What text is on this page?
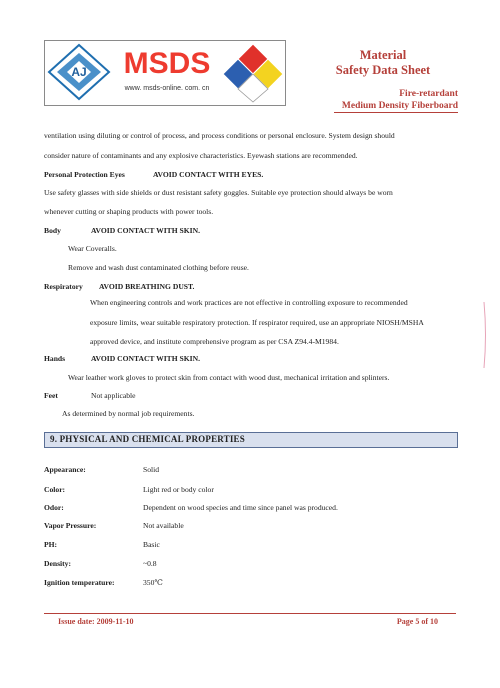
AJ MSDS
www. msds-online. com. cn
Material
Safety Data Sheet
Fire-retardant
Medium Density Fiberboard
ventilation using diluting or control of process, and process conditions or personal enclosure. System design should
consider nature of contaminants and any explosive characteristics. Eyewash stations are recommended.
Personal Protection Eyes	AVOID CONTACT WITH EYES.
Use safety glasses with side shields or dust resistant safety goggles. Suitable eye protection should always be worn
whenever cutting or shaping products with power tools.
Body	AVOID CONTACT WITH SKIN.
Wear Coveralls.
Remove and wash dust contaminated clothing before reuse.
Respiratory AVOID BREATHING DUST.
When engineering controls and work practices are not effective in controlling exposure to recommended
exposure limits, wear suitable respiratory protection. If respirator required, use an appropriate NIOSH/MSHA
approved device, and institute comprehensive program as per CSA Z94.4-M1984.
Hands	AVOID CONTACT WITH SKIN.
Wear leather work gloves to protect skin from contact with wood dust, mechanical irritation and splinters.
Feet	Not applicable
As determined by normal job requirements.
9. PHYSICAL AND CHEMICAL PROPERTIES
Appearance:	Solid
Color:	Light red or body color
Odor:	Dependent on wood species and time since panel was produced.
Vapor Pressure:	Not available
PH:	Basic
Density:	~0.8
Ignition temperature:	350℃
Issue date: 2009-11-10	Page 5 of 10
